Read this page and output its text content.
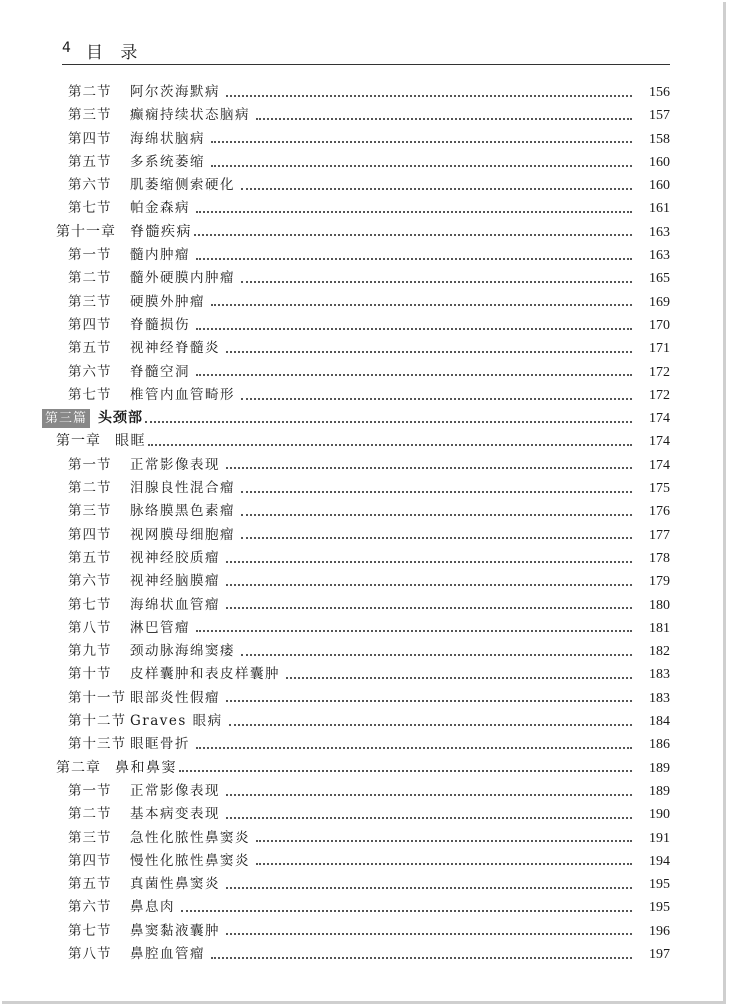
4 目 录
第二节	阿尔茨海默病	156
第三节	癫痫持续状态脑病	157
第四节	海绵状脑病	158
第五节	多系统萎缩	160
第六节	肌萎缩侧索硬化	160
第七节	帕金森病	161
第十一章 脊髓疾病	163
第一节	髓内肿瘤	163
第二节	髓外硬膜内肿瘤	165
第三节	硬膜外肿瘤	169
第四节	脊髓损伤	170
第五节	视神经脊髓炎	171
第六节	脊髓空洞	172
第七节	椎管内血管畸形	172
第三篇 头颈部	174
第一章 眼眶	174
第一节	正常影像表现	174
第二节	泪腺良性混合瘤	175
第三节	脉络膜黑色素瘤	176
第四节	视网膜母细胞瘤	177
第五节	视神经胶质瘤	178
第六节	视神经脑膜瘤	179
第七节	海绵状血管瘤	180
第八节	淋巴管瘤	181
第九节	颈动脉海绵窦瘘	182
第十节	皮样囊肿和表皮样囊肿	183
第十一节 眼部炎性假瘤	183
第十二节 Graves 眼病	184
第十三节 眼眶骨折	186
第二章 鼻和鼻窦	189
第一节	正常影像表现	189
第二节	基本病变表现	190
第三节	急性化脓性鼻窦炎	191
第四节	慢性化脓性鼻窦炎	194
第五节	真菌性鼻窦炎	195
第六节	鼻息肉	195
第七节	鼻窦黏液囊肿	196
第八节	鼻腔血管瘤	197
